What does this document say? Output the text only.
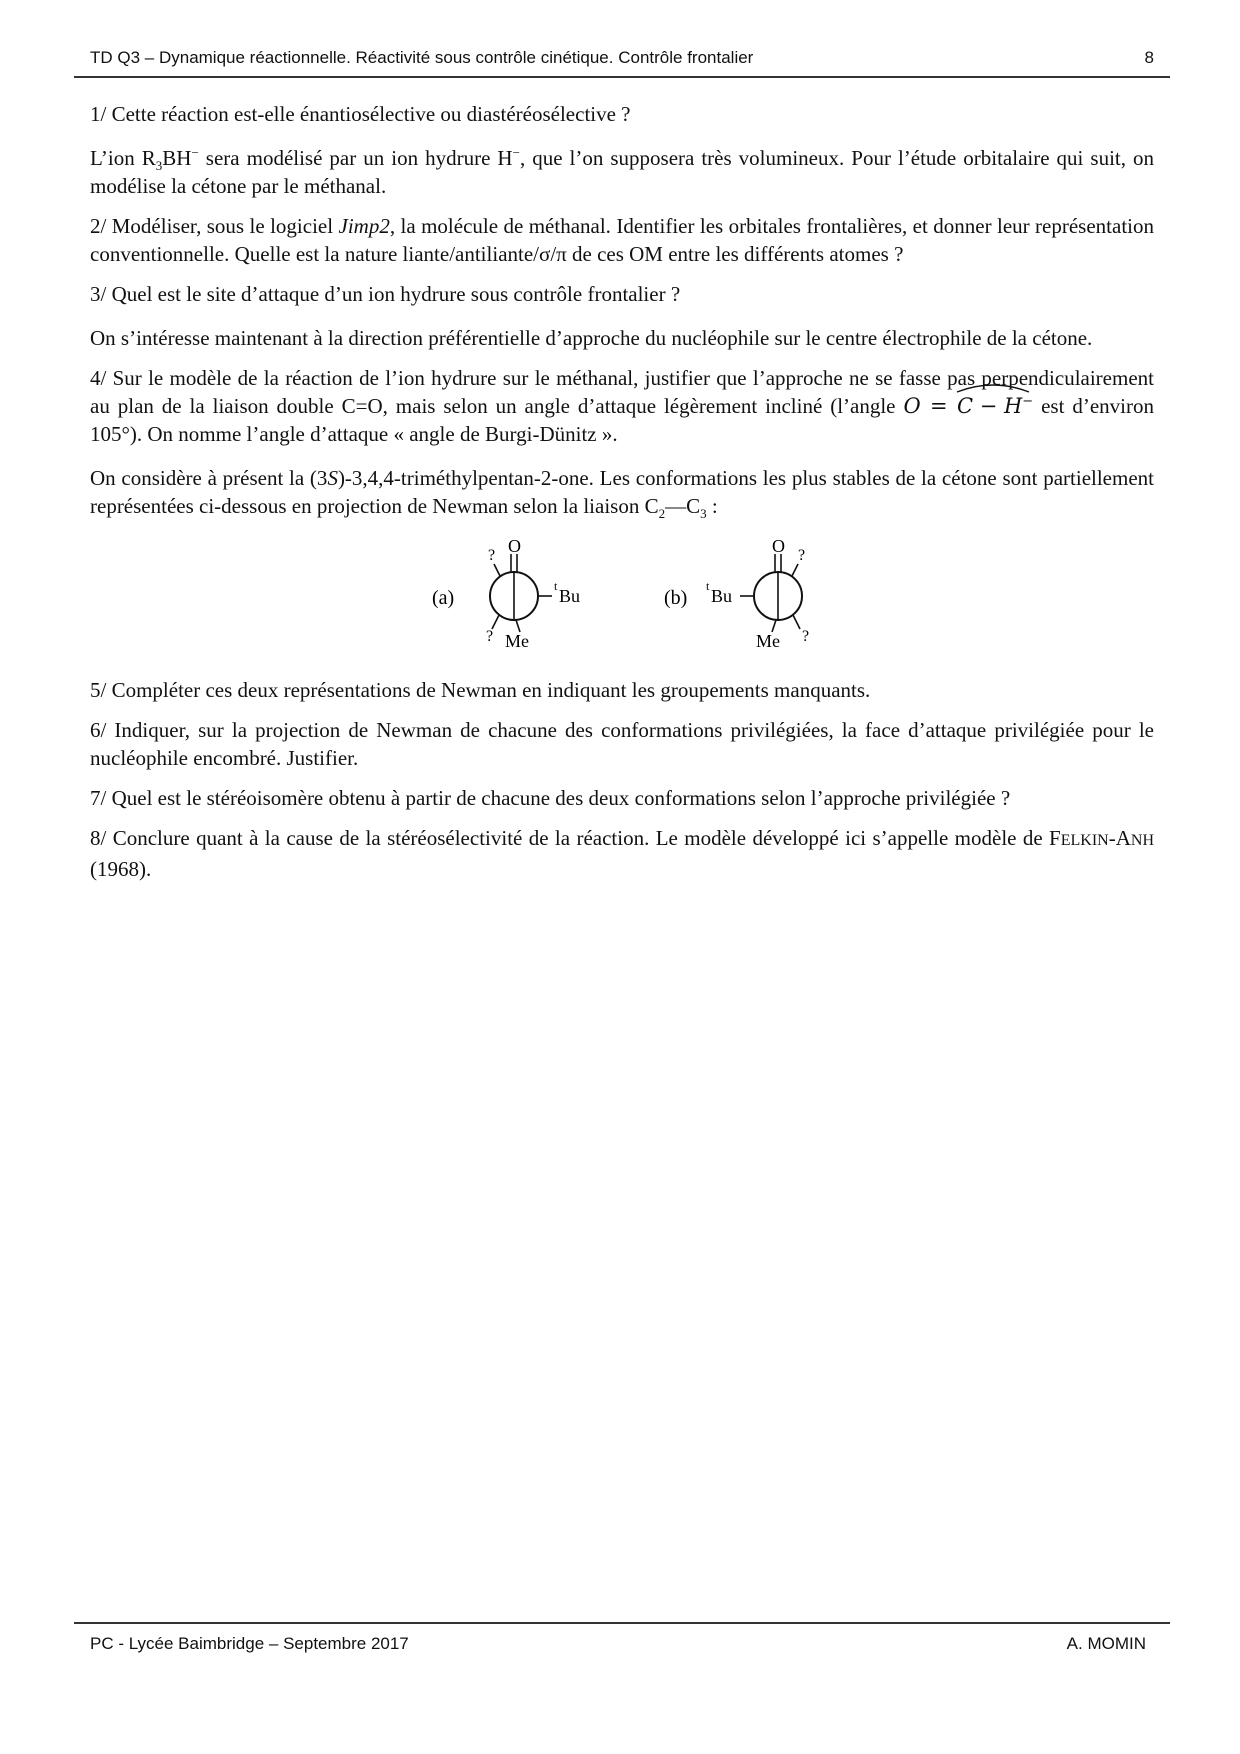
TD Q3 – Dynamique réactionnelle. Réactivité sous contrôle cinétique. Contrôle frontalier	8

1/ Cette réaction est-elle énantiosélective ou diastéréosélective ?

L’ion $R_3BH^-$ sera modélisé par un ion hydrure H−, que l’on supposera très volumineux. Pour l’étude orbitalaire qui suit, on modélise la cétone par le méthanal.

2/ Modéliser, sous le logiciel Jimp2, la molécule de méthanal. Identifier les orbitales frontalières, et donner leur représentation conventionnelle. Quelle est la nature liante/antiliante/σ/π de ces OM entre les différents atomes ?

3/ Quel est le site d’attaque d’un ion hydrure sous contrôle frontalier ?

On s’intéresse maintenant à la direction préférentielle d’approche du nucléophile sur le centre électrophile de la cétone.

4/ Sur le modèle de la réaction de l’ion hydrure sur le méthanal, justifier que l’approche ne se fasse pas perpendiculairement au plan de la liaison double C=O, mais selon un angle d’attaque légèrement incliné (l’angle O =
C − H− est d’environ 105°). On nomme l’angle d’attaque « angle de Burgi-Dünitz ».

On considère à présent la (3S)-3,4,4-triméthylpentan-2-one. Les conformations les plus stables de la cétone sont partiellement représentées ci-dessous en projection de Newman selon la liaison $C_2—C_3$ :

(a)
O
?
t Bu
? Me
(b)
O ?
t Bu
?
Me

5/ Compléter ces deux représentations de Newman en indiquant les groupements manquants.

6/ Indiquer, sur la projection de Newman de chacune des conformations privilégiées, la face d’attaque privilégiée pour le nucléophile encombré. Justifier.

7/ Quel est le stéréoisomère obtenu à partir de chacune des deux conformations selon l’approche privilégiée ?

8/ Conclure quant à la cause de la stéréosélectivité de la réaction. Le modèle développé ici s’appelle modèle de FELKIN-ANH (1968).

PC - Lycée Baimbridge – Septembre 2017	A. MOMIN
